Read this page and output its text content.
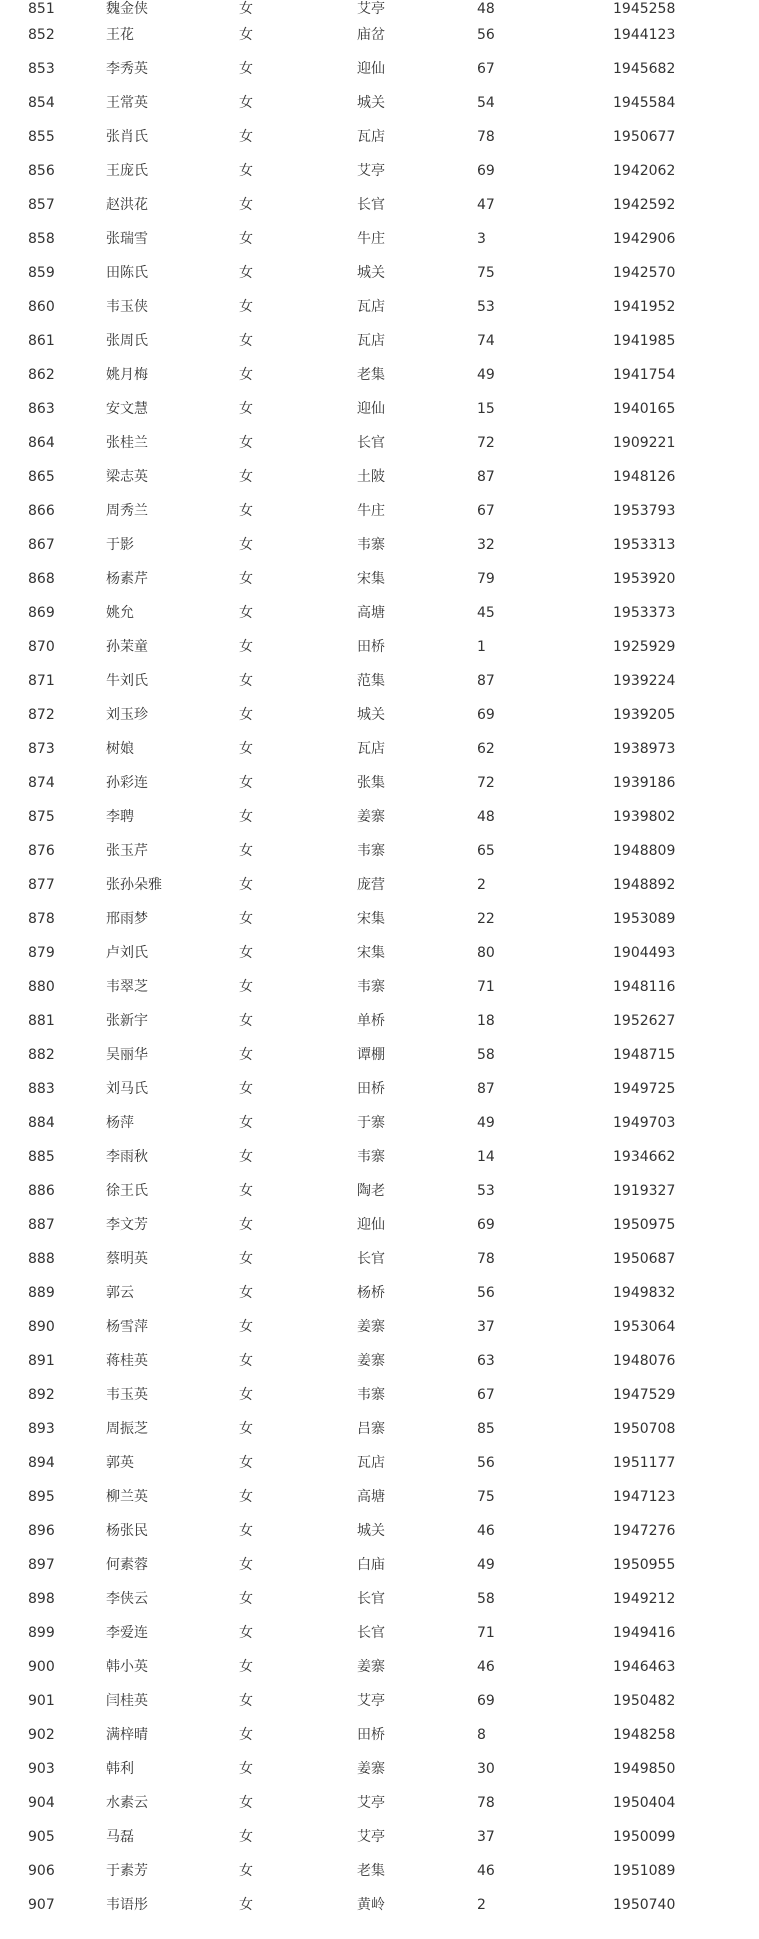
851	魏金侠	女	艾亭	48	1945258
852	王花	女	庙岔	56	1944123
853	李秀英	女	迎仙	67	1945682
854	王常英	女	城关	54	1945584
855	张肖氏	女	瓦店	78	1950677
856	王庞氏	女	艾亭	69	1942062
857	赵洪花	女	长官	47	1942592
858	张瑞雪	女	牛庄	3	1942906
859	田陈氏	女	城关	75	1942570
860	韦玉侠	女	瓦店	53	1941952
861	张周氏	女	瓦店	74	1941985
862	姚月梅	女	老集	49	1941754
863	安文慧	女	迎仙	15	1940165
864	张桂兰	女	长官	72	1909221
865	梁志英	女	土陂	87	1948126
866	周秀兰	女	牛庄	67	1953793
867	于影	女	韦寨	32	1953313
868	杨素芹	女	宋集	79	1953920
869	姚允	女	高塘	45	1953373
870	孙茉童	女	田桥	1	1925929
871	牛刘氏	女	范集	87	1939224
872	刘玉珍	女	城关	69	1939205
873	树娘	女	瓦店	62	1938973
874	孙彩连	女	张集	72	1939186
875	李聘	女	姜寨	48	1939802
876	张玉芹	女	韦寨	65	1948809
877	张孙朵雅	女	庞营	2	1948892
878	邢雨梦	女	宋集	22	1953089
879	卢刘氏	女	宋集	80	1904493
880	韦翠芝	女	韦寨	71	1948116
881	张新宇	女	单桥	18	1952627
882	吴丽华	女	谭棚	58	1948715
883	刘马氏	女	田桥	87	1949725
884	杨萍	女	于寨	49	1949703
885	李雨秋	女	韦寨	14	1934662
886	徐王氏	女	陶老	53	1919327
887	李文芳	女	迎仙	69	1950975
888	蔡明英	女	长官	78	1950687
889	郭云	女	杨桥	56	1949832
890	杨雪萍	女	姜寨	37	1953064
891	蒋桂英	女	姜寨	63	1948076
892	韦玉英	女	韦寨	67	1947529
893	周振芝	女	吕寨	85	1950708
894	郭英	女	瓦店	56	1951177
895	柳兰英	女	高塘	75	1947123
896	杨张民	女	城关	46	1947276
897	何素蓉	女	白庙	49	1950955
898	李侠云	女	长官	58	1949212
899	李爱连	女	长官	71	1949416
900	韩小英	女	姜寨	46	1946463
901	闫桂英	女	艾亭	69	1950482
902	满梓晴	女	田桥	8	1948258
903	韩利	女	姜寨	30	1949850
904	水素云	女	艾亭	78	1950404
905	马磊	女	艾亭	37	1950099
906	于素芳	女	老集	46	1951089
907	韦语彤	女	黄岭	2	1950740
